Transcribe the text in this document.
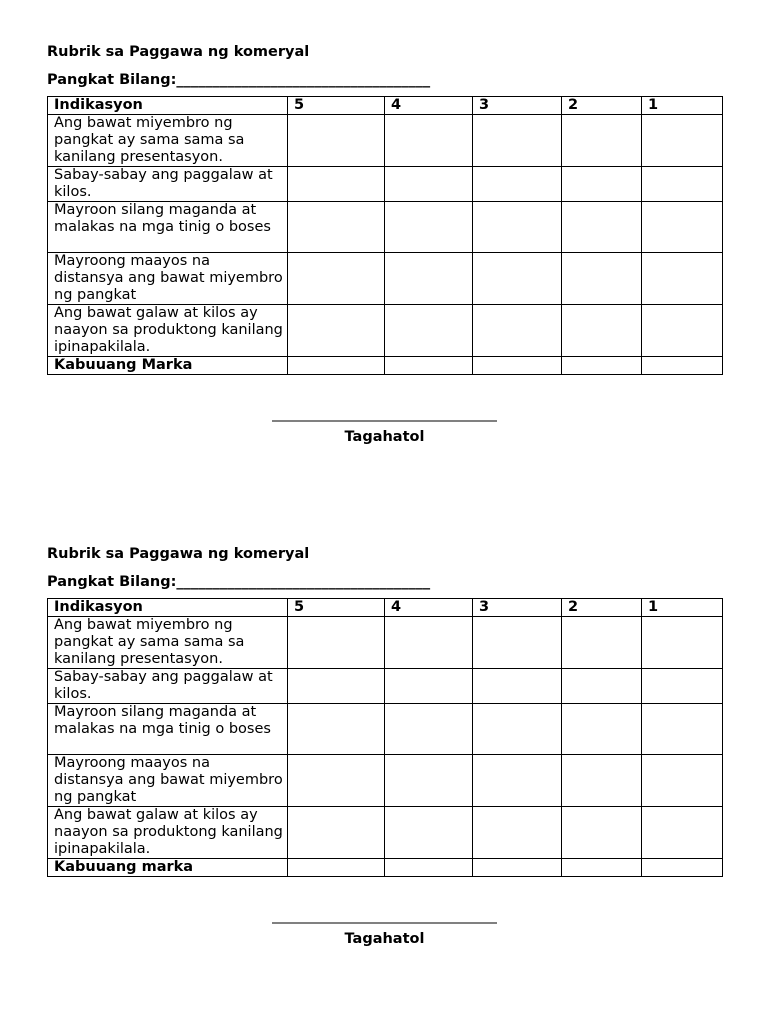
Rubrik sa Paggawa ng komeryal
Pangkat Bilang:___________________________________
Indikasyon	5	4	3	2	1
Ang bawat miyembro ng pangkat ay sama sama sa kanilang presentasyon.					
Sabay-sabay ang paggalaw at kilos.					
Mayroon silang maganda at malakas na mga tinig o boses					
Mayroong maayos na distansya ang bawat miyembro ng pangkat					
Ang bawat galaw at kilos ay naayon sa produktong kanilang ipinapakilala.					
Kabuuang Marka					
_______________________________
Tagahatol
Rubrik sa Paggawa ng komeryal
Pangkat Bilang:___________________________________
Indikasyon	5	4	3	2	1
Ang bawat miyembro ng pangkat ay sama sama sa kanilang presentasyon.					
Sabay-sabay ang paggalaw at kilos.					
Mayroon silang maganda at malakas na mga tinig o boses					
Mayroong maayos na distansya ang bawat miyembro ng pangkat					
Ang bawat galaw at kilos ay naayon sa produktong kanilang ipinapakilala.					
Kabuuang marka					
_______________________________
Tagahatol
